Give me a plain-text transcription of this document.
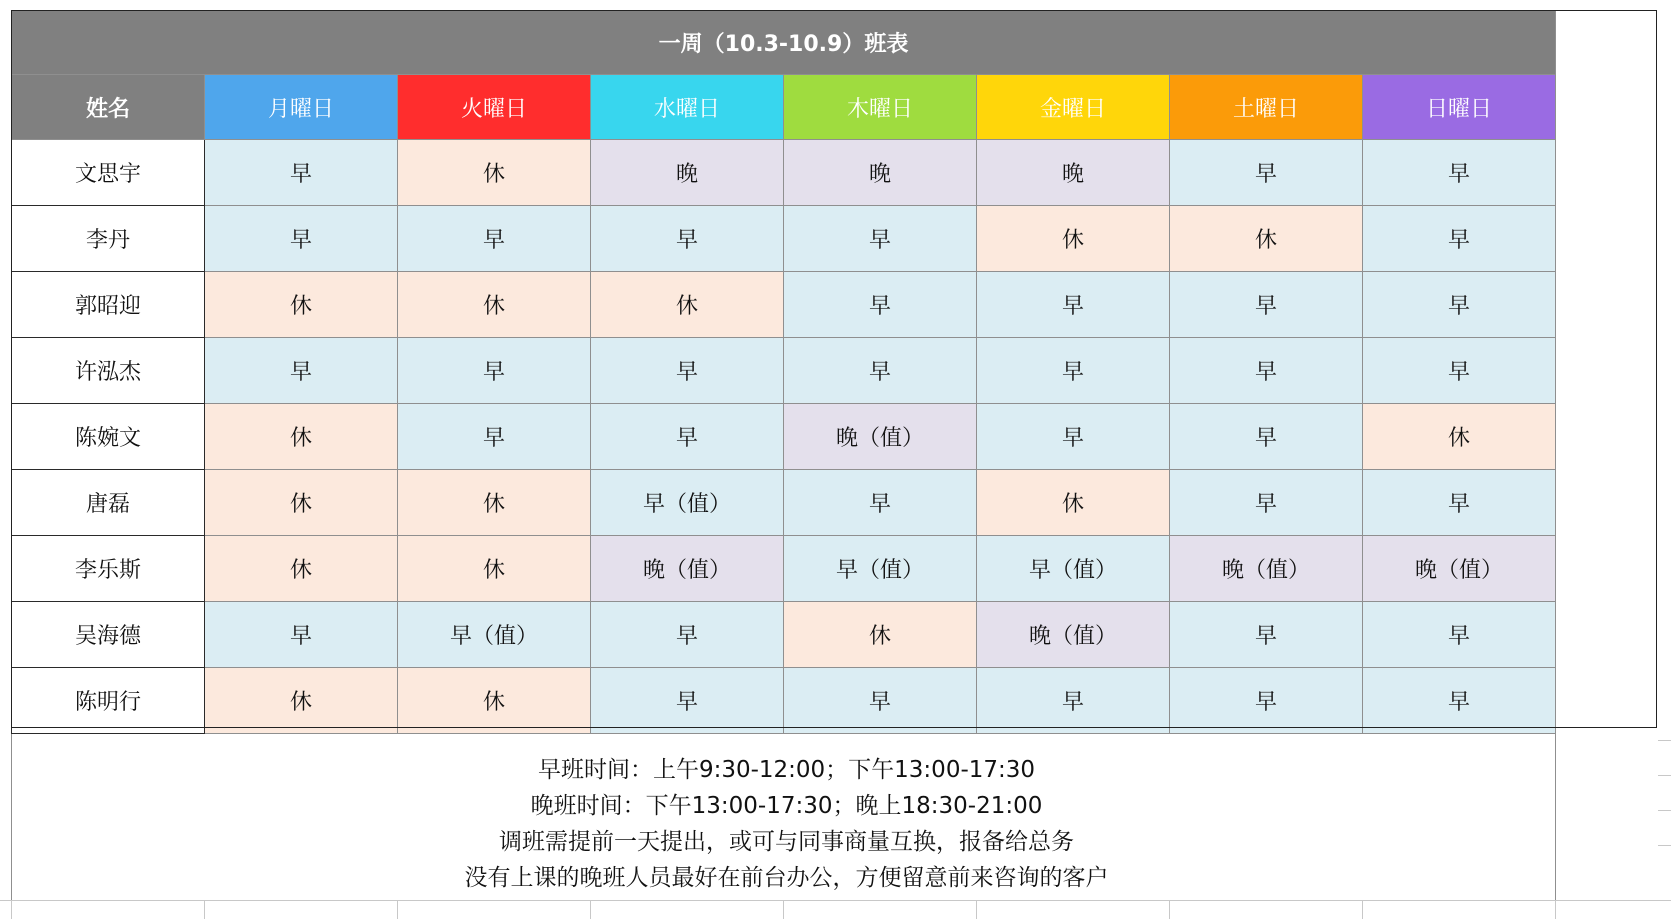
一周（10.3-10.9）班表							
姓名	月曜日	火曜日	水曜日	木曜日	金曜日	土曜日	日曜日
文思宇	早	休	晚	晚	晚	早	早
李丹	早	早	早	早	休	休	早
郭昭迎	休	休	休	早	早	早	早
许泓杰	早	早	早	早	早	早	早
陈婉文	休	早	早	晚（值）	早	早	休
唐磊	休	休	早（值）	早	休	早	早
李乐斯	休	休	晚（值）	早（值）	早（值）	晚（值）	晚（值）
吴海德	早	早（值）	早	休	晚（值）	早	早
陈明行	休	休	早	早	早	早	早

早班时间：上午9:30-12:00；下午13:00-17:30
晚班时间：下午13:00-17:30；晚上18:30-21:00
调班需提前一天提出，或可与同事商量互换，报备给总务
没有上课的晚班人员最好在前台办公，方便留意前来咨询的客户							
